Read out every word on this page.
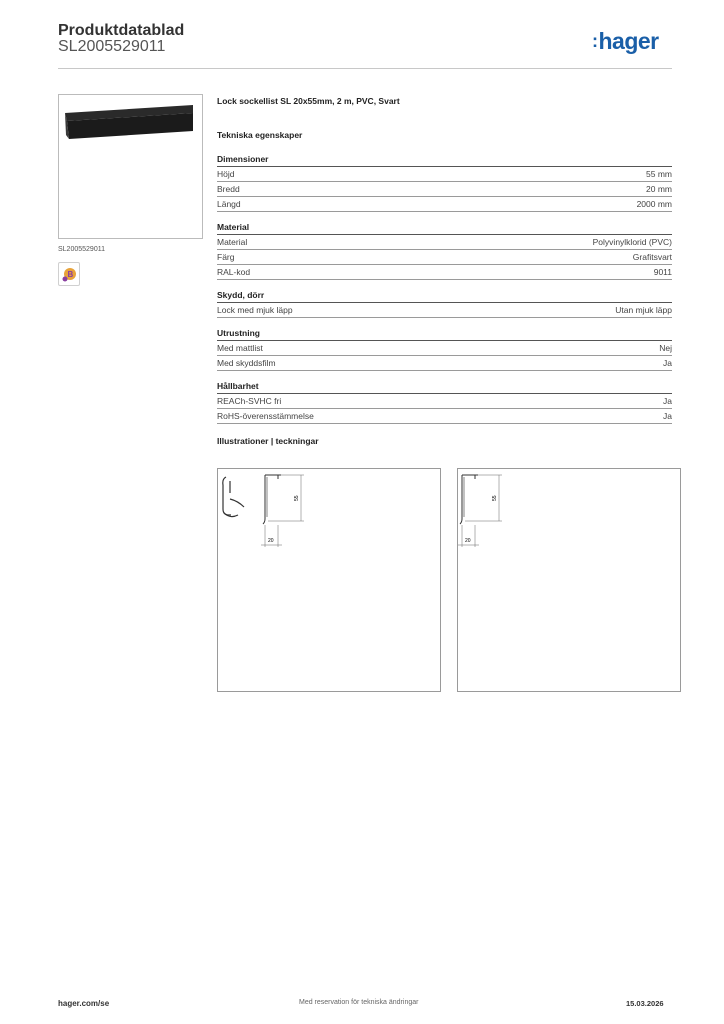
Produktdatablad
SL20055290​11	:hager
SL20055290​11
B
Lock sockellist SL 20x55mm, 2 m, PVC, Svart
Tekniska egenskaper
Dimensioner
Höjd	55 mm
Bredd	20 mm
Längd	2000 mm
Material
Material	Polyvinylklorid (PVC)
Färg	Grafitsvart
RAL-kod	9011
Skydd, dörr
Lock med mjuk läpp	Utan mjuk läpp
Utrustning
Med mattlist	Nej
Med skyddsfilm	Ja
Hållbarhet
REACh-SVHC fri	Ja
RoHS-överensstämmelse	Ja
Illustrationer | teckningar
55
20
55
20
hager.com/se	Med reservation för tekniska ändringar	15.03.2026
